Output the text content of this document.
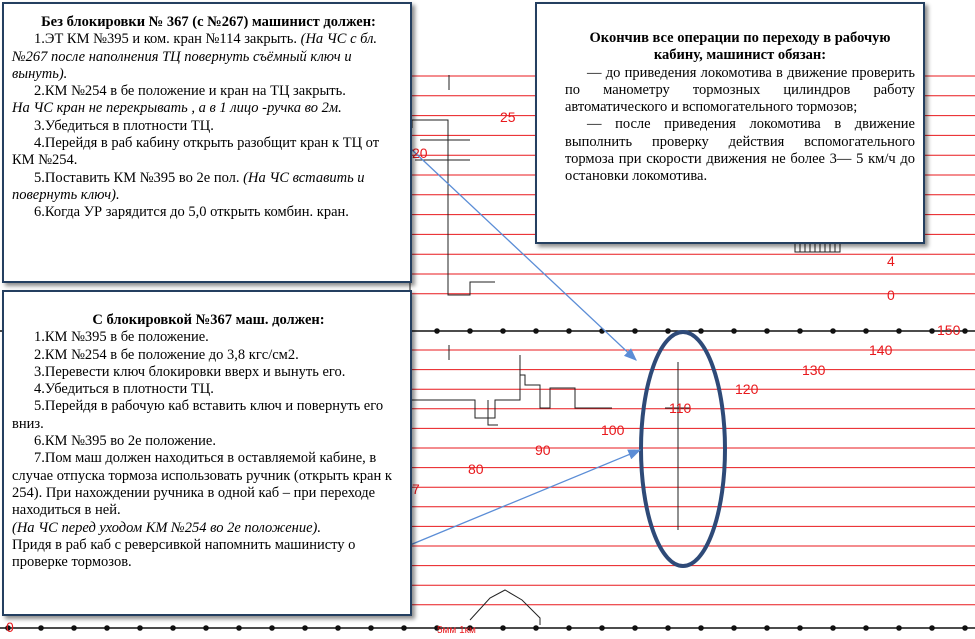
25
20
4
0
150
140
130
120
110
100
90
80
7
0	5мм 1км
Без блокировки № 367 (с №267) машинист должен:

1.ЭТ КМ №395 и ком. кран №114 закрыть. (На ЧС с бл. №267 после наполнения ТЦ повернуть съёмный ключ и вынуть).

2.КМ №254 в бе положение и кран на ТЦ закрыть.

На ЧС кран не перекрывать , а в 1 лицо -ручка во 2м.

3.Убедиться в плотности ТЦ.

4.Перейдя в раб кабину открыть разобщит кран к ТЦ от КМ №254.

5.Поставить КМ №395 во 2е пол. (На ЧС вставить и повернуть ключ).

6.Когда УР зарядится до 5,0 открыть комбин. кран.

С блокировкой №367 маш. должен:

1.КМ №395 в бе положение.

2.КМ №254 в бе положение до 3,8 кгс/см2.

3.Перевести ключ блокировки вверх и вынуть его.

4.Убедиться в плотности ТЦ.

5.Перейдя в рабочую каб вставить ключ и повернуть его вниз.

6.КМ №395 во 2е положение.

7.Пом маш должен находиться в оставляемой кабине, в случае отпуска тормоза использовать ручник (открыть кран к 254). При нахождении ручника в одной каб – при переходе находиться в ней.

(На ЧС перед уходом КМ №254 во 2е положение).

Придя в раб каб с реверсивкой напомнить машинисту о проверке тормозов.

Окончив все операции по переходу в рабочую кабину, машинист обязан:

— до приведения локомотива в движение проверить по манометру тормозных цилиндров работу автоматического и вспомогательного тормозов;

— после приведения локомотива в движение выполнить проверку действия вспомогательного тормоза при скорости движения не более 3— 5 км/ч до остановки локомотива.
